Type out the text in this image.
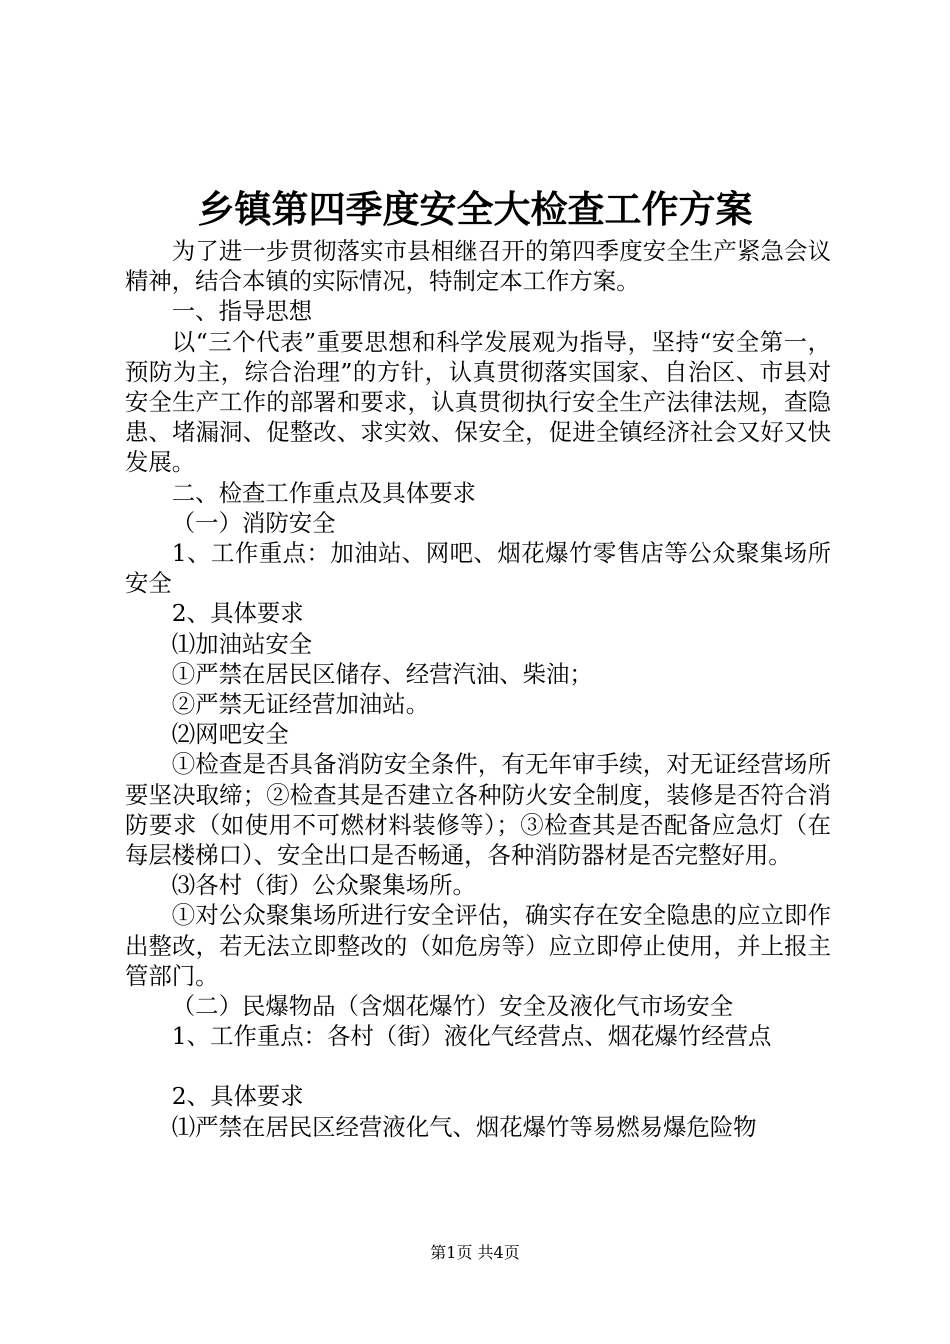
乡镇第四季度安全大检查工作方案

为了进一步贯彻落实市县相继召开的第四季度安全生产紧急会议精神，结合本镇的实际情况，特制定本工作方案。

一、指导思想

以“三个代表”重要思想和科学发展观为指导，坚持“安全第一，预防为主，综合治理”的方针，认真贯彻落实国家、自治区、市县对安全生产工作的部署和要求，认真贯彻执行安全生产法律法规，查隐患、堵漏洞、促整改、求实效、保安全，促进全镇经济社会又好又快发展。

二、检查工作重点及具体要求

（一）消防安全

1、工作重点：加油站、网吧、烟花爆竹零售店等公众聚集场所安全

2、具体要求

⑴加油站安全

①严禁在居民区储存、经营汽油、柴油；

②严禁无证经营加油站。

⑵网吧安全

①检查是否具备消防安全条件，有无年审手续，对无证经营场所要坚决取缔；②检查其是否建立各种防火安全制度，装修是否符合消防要求（如使用不可燃材料装修等）；③检查其是否配备应急灯（在每层楼梯口）、安全出口是否畅通，各种消防器材是否完整好用。

⑶各村（街）公众聚集场所。

①对公众聚集场所进行安全评估，确实存在安全隐患的应立即作出整改，若无法立即整改的（如危房等）应立即停止使用，并上报主管部门。

（二）民爆物品（含烟花爆竹）安全及液化气市场安全

1、工作重点：各村（街）液化气经营点、烟花爆竹经营点

2、具体要求

⑴严禁在居民区经营液化气、烟花爆竹等易燃易爆危险物

第1页 共4页
